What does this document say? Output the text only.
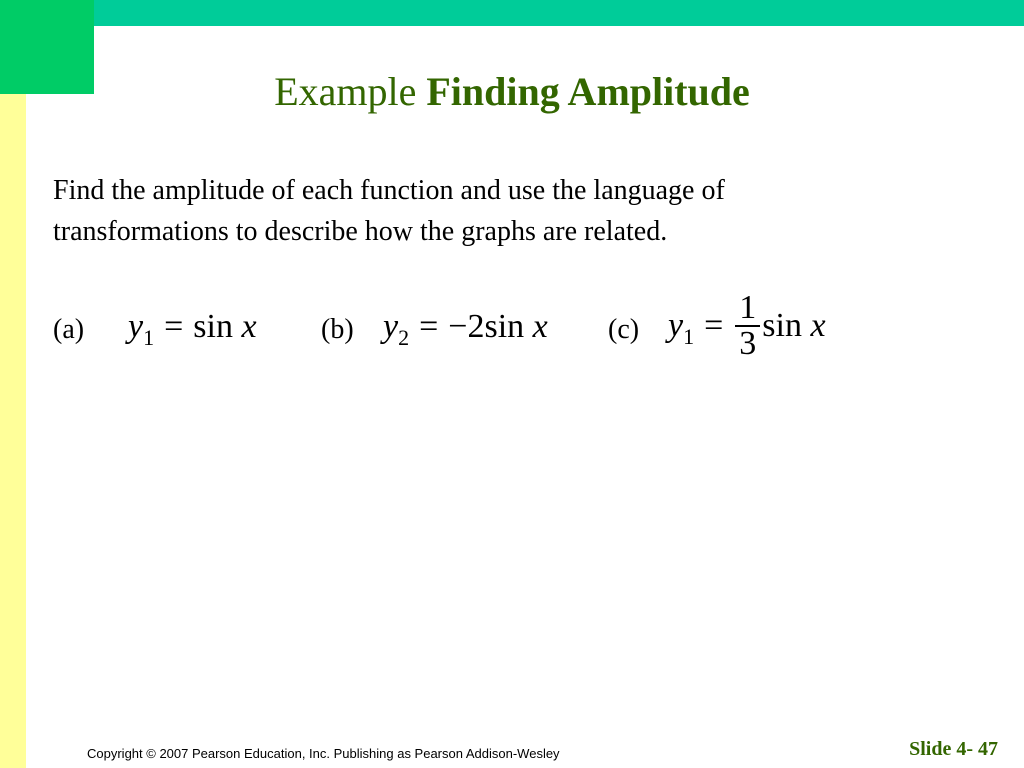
Example Finding Amplitude
Find the amplitude of each function and use the language of
transformations to describe how the graphs are related.
(a) $y_1 = \sin x$ (b) $y_2 = -2\sin$ x (c) $y_1 = \frac{1}{3}$ sin x
Copyright © 2007 Pearson Education, Inc. Publishing as Pearson Addison-Wesley	Slide 4- 47
